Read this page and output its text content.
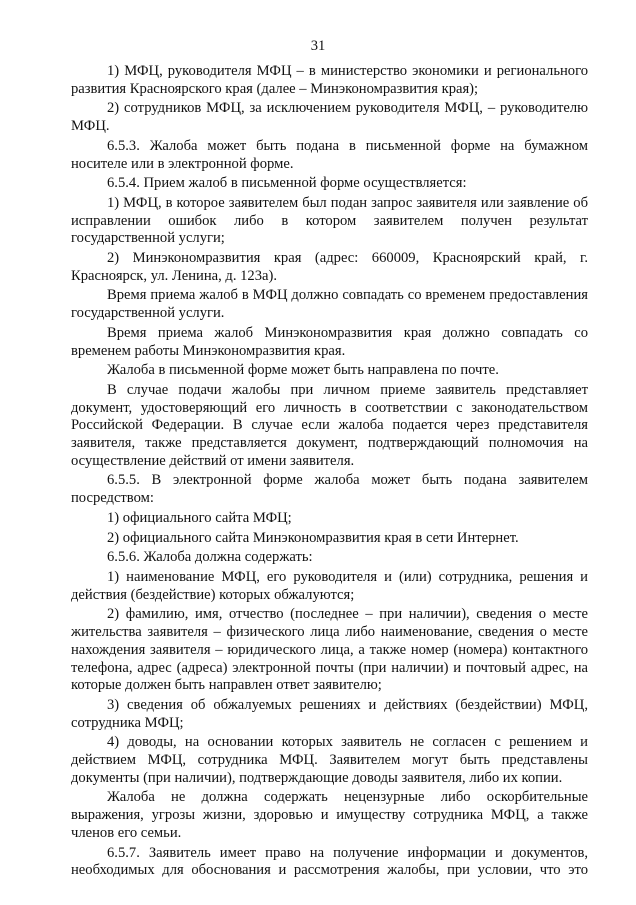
31

1) МФЦ, руководителя МФЦ – в министерство экономики и регионального развития Красноярского края (далее – Минэкономразвития края);

2) сотрудников МФЦ, за исключением руководителя МФЦ, – руководителю МФЦ.

6.5.3. Жалоба может быть подана в письменной форме на бумажном носителе или в электронной форме.

6.5.4. Прием жалоб в письменной форме осуществляется:

1) МФЦ, в которое заявителем был подан запрос заявителя или заявление об исправлении ошибок либо в котором заявителем получен результат государственной услуги;

2) Минэкономразвития края (адрес: 660009, Красноярский край, г. Красноярск, ул. Ленина, д. 123а).

Время приема жалоб в МФЦ должно совпадать со временем предоставления государственной услуги.

Время приема жалоб Минэкономразвития края должно совпадать со временем работы Минэкономразвития края.

Жалоба в письменной форме может быть направлена по почте.

В случае подачи жалобы при личном приеме заявитель представляет документ, удостоверяющий его личность в соответствии с законодательством Российской Федерации. В случае если жалоба подается через представителя заявителя, также представляется документ, подтверждающий полномочия на осуществление действий от имени заявителя.

6.5.5. В электронной форме жалоба может быть подана заявителем посредством:

1) официального сайта МФЦ;

2) официального сайта Минэкономразвития края в сети Интернет.

6.5.6. Жалоба должна содержать:

1) наименование МФЦ, его руководителя и (или) сотрудника, решения и действия (бездействие) которых обжалуются;

2) фамилию, имя, отчество (последнее – при наличии), сведения о месте жительства заявителя – физического лица либо наименование, сведения о месте нахождения заявителя – юридического лица, а также номер (номера) контактного телефона, адрес (адреса) электронной почты (при наличии) и почтовый адрес, на которые должен быть направлен ответ заявителю;

3) сведения об обжалуемых решениях и действиях (бездействии) МФЦ, сотрудника МФЦ;

4) доводы, на основании которых заявитель не согласен с решением и действием МФЦ, сотрудника МФЦ. Заявителем могут быть представлены документы (при наличии), подтверждающие доводы заявителя, либо их копии.

Жалоба не должна содержать нецензурные либо оскорбительные выражения, угрозы жизни, здоровью и имуществу сотрудника МФЦ, а также членов его семьи.

6.5.7. Заявитель имеет право на получение информации и документов, необходимых для обоснования и рассмотрения жалобы, при условии, что это
